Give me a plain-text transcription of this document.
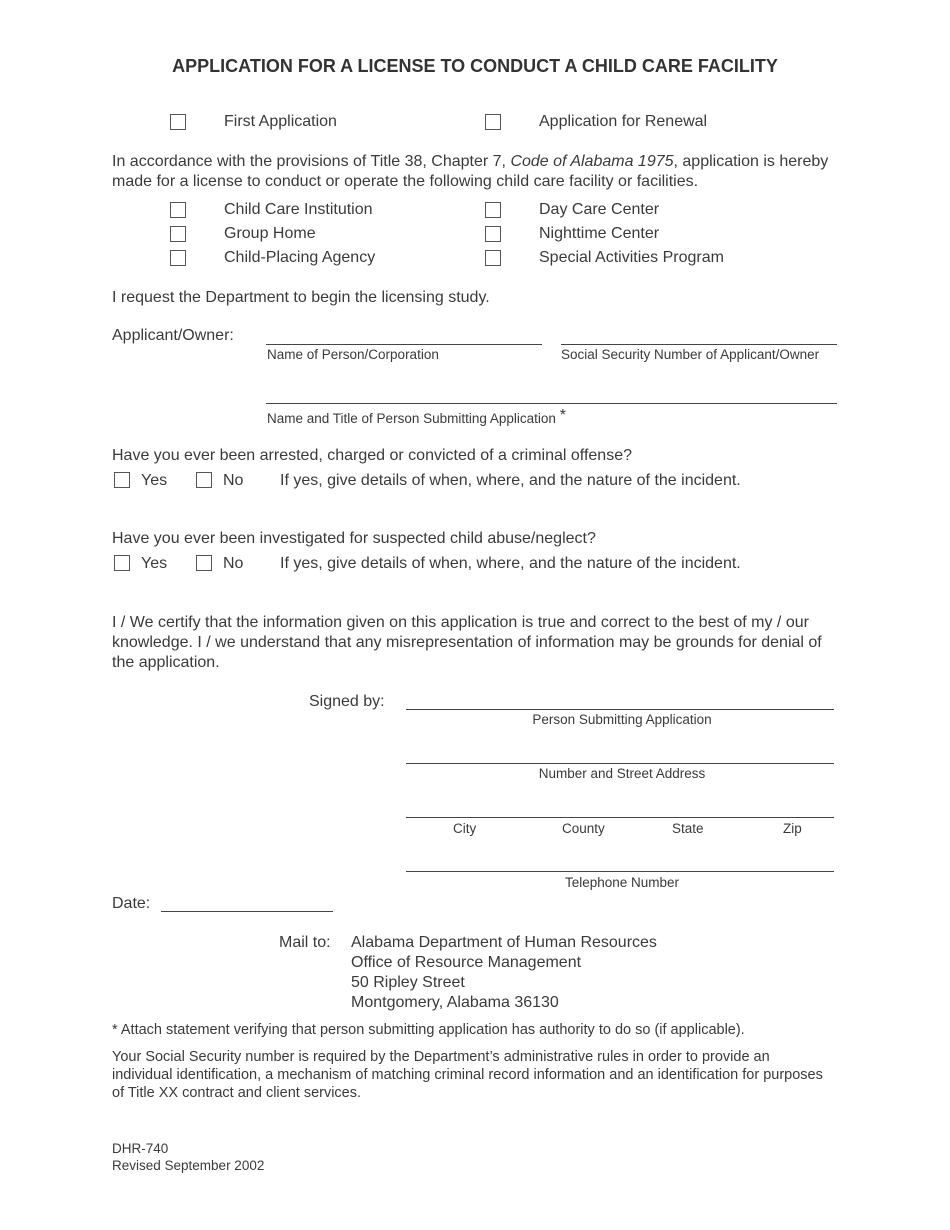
APPLICATION FOR A LICENSE TO CONDUCT A CHILD CARE FACILITY
First Application	Application for Renewal
In accordance with the provisions of Title 38, Chapter 7, Code of Alabama 1975, application is hereby made for a license to conduct or operate the following child care facility or facilities.
Child Care Institution
Group Home
Child-Placing Agency
Day Care Center
Nighttime Center
Special Activities Program
I request the Department to begin the licensing study.
Applicant/Owner:
Name of Person/Corporation	Social Security Number of Applicant/Owner
Name and Title of Person Submitting Application *
Have you ever been arrested, charged or convicted of a criminal offense?
Yes	No If yes, give details of when, where, and the nature of the incident.
Have you ever been investigated for suspected child abuse/neglect?
Yes	No If yes, give details of when, where, and the nature of the incident.
I / We certify that the information given on this application is true and correct to the best of my / our knowledge. I / we understand that any misrepresentation of information may be grounds for denial of the application.
Signed by:
Person Submitting Application
Number and Street Address
City	County	State	Zip
Telephone Number
Date:
Mail to: Alabama Department of Human Resources
Office of Resource Management
50 Ripley Street
Montgomery, Alabama 36130
* Attach statement verifying that person submitting application has authority to do so (if applicable).
Your Social Security number is required by the Department’s administrative rules in order to provide an individual identification, a mechanism of matching criminal record information and an identification for purposes of Title XX contract and client services.
DHR-740
Revised September 2002
